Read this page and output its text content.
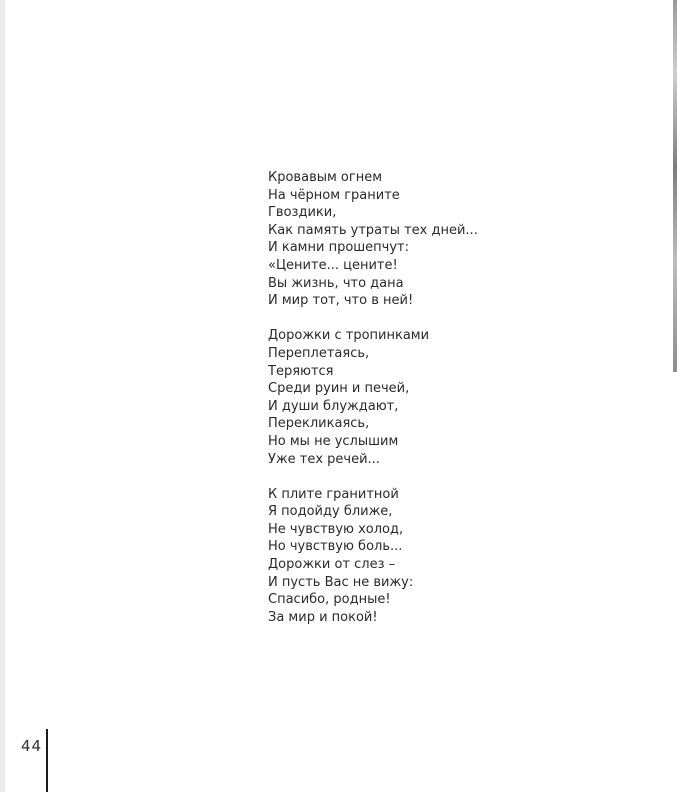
Кровавым огнем
На чёрном граните
Гвоздики,
Как память утраты тех дней...
И камни прошепчут:
«Цените... цените!
Вы жизнь, что дана
И мир тот, что в ней!
Дорожки с тропинками
Переплетаясь,
Теряются
Среди руин и печей,
И души блуждают,
Перекликаясь,
Но мы не услышим
Уже тех речей...
К плите гранитной
Я подойду ближе,
Не чувствую холод,
Но чувствую боль...
Дорожки от слез –
И пусть Вас не вижу:
Спасибо, родные!
За мир и покой!
44
